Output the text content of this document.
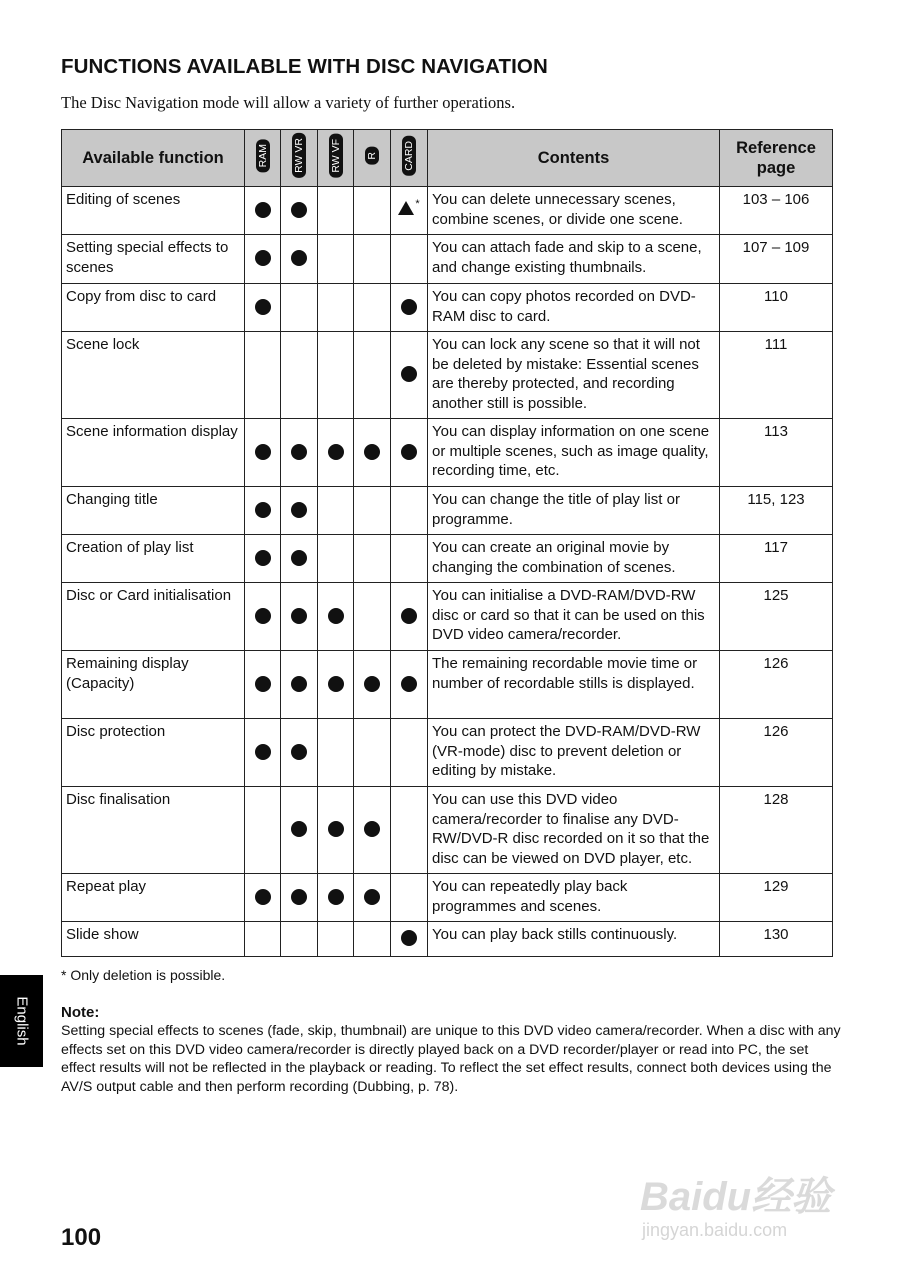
FUNCTIONS AVAILABLE WITH DISC NAVIGATION
The Disc Navigation mode will allow a variety of further operations.
Available function	RAM	RW VR	RW VF	R	CARD	Contents	Reference page
Editing of scenes					*	You can delete unnecessary scenes, combine scenes, or divide one scene.	103 – 106
Setting special effects to scenes						You can attach fade and skip to a scene, and change existing thumbnails.	107 – 109
Copy from disc to card						You can copy photos recorded on DVD-RAM disc to card.	110
Scene lock						You can lock any scene so that it will not be deleted by mistake: Essential scenes are thereby protected, and recording another still is possible.	111
Scene information display						You can display information on one scene or multiple scenes, such as image quality, recording time, etc.	113
Changing title						You can change the title of play list or programme.	115, 123
Creation of play list						You can create an original movie by changing the combination of scenes.	117
Disc or Card initialisation						You can initialise a DVD-RAM/DVD-RW disc or card so that it can be used on this DVD video camera/recorder.	125
Remaining display (Capacity)						The remaining recordable movie time or number of recordable stills is displayed.	126
Disc protection						You can protect the DVD-RAM/DVD-RW (VR-mode) disc to prevent deletion or editing by mistake.	126
Disc finalisation						You can use this DVD video camera/recorder to finalise any DVD-RW/DVD-R disc recorded on it so that the disc can be viewed on DVD player, etc.	128
Repeat play						You can repeatedly play back programmes and scenes.	129
Slide show						You can play back stills continuously.	130
* Only deletion is possible.
Note:
Setting special effects to scenes (fade, skip, thumbnail) are unique to this DVD video camera/recorder. When a disc with any effects set on this DVD video camera/recorder is directly played back on a DVD recorder/player or read into PC, the set effect results will not be reflected in the playback or reading. To reflect the set effect results, connect both devices using the AV/S output cable and then perform recording (Dubbing, p. 78).
English
100
Baidu经验
jingyan.baidu.com
